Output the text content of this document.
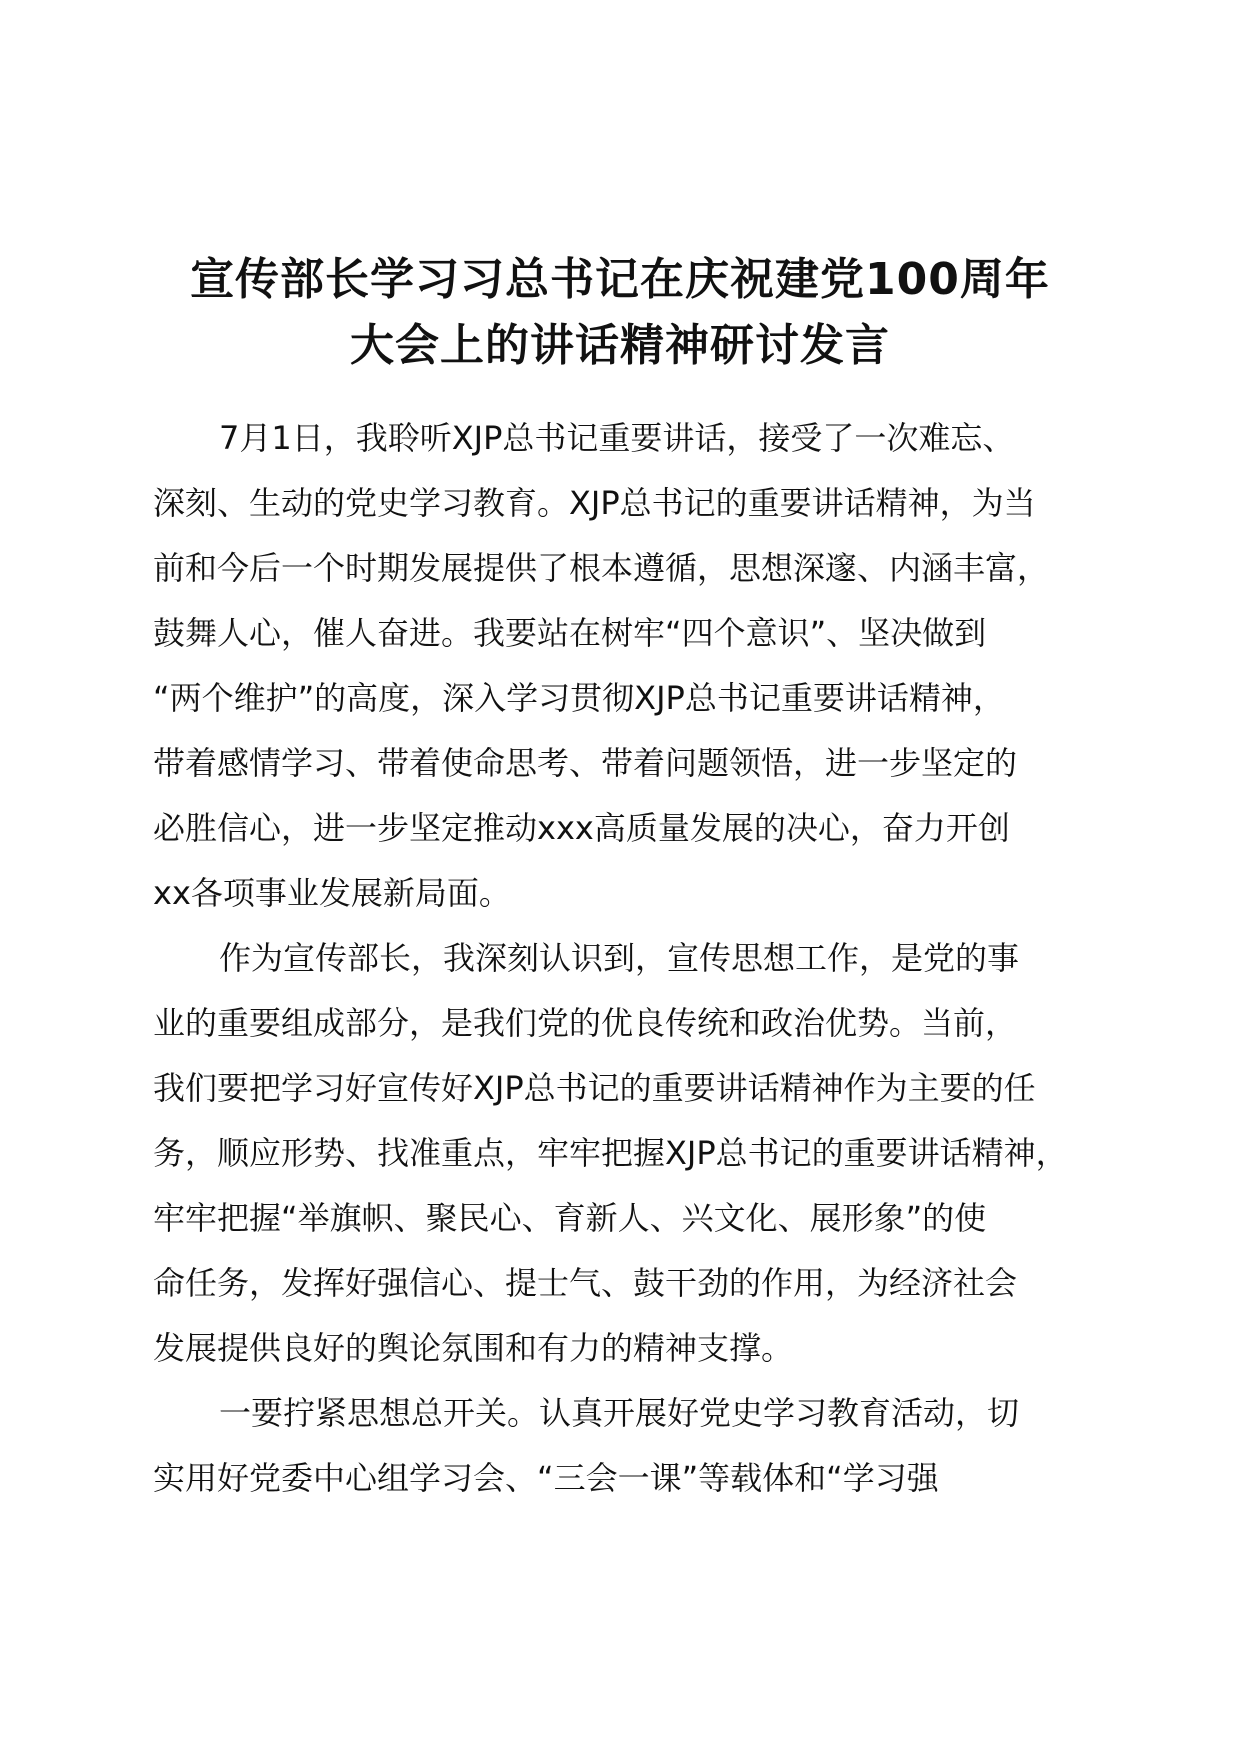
宣传部长学习习总书记在庆祝建党100周年
大会上的讲话精神研讨发言
7月1日，我聆听XJP总书记重要讲话，接受了一次难忘、
深刻、生动的党史学习教育。XJP总书记的重要讲话精神，为当
前和今后一个时期发展提供了根本遵循，思想深邃、内涵丰富，
鼓舞人心，催人奋进。我要站在树牢“四个意识”、坚决做到
“两个维护”的高度，深入学习贯彻XJP总书记重要讲话精神，
带着感情学习、带着使命思考、带着问题领悟，进一步坚定的
必胜信心，进一步坚定推动xxx高质量发展的决心，奋力开创
xx各项事业发展新局面。
作为宣传部长，我深刻认识到，宣传思想工作，是党的事
业的重要组成部分，是我们党的优良传统和政治优势。当前，
我们要把学习好宣传好XJP总书记的重要讲话精神作为主要的任
务，顺应形势、找准重点，牢牢把握XJP总书记的重要讲话精神，
牢牢把握“举旗帜、聚民心、育新人、兴文化、展形象”的使
命任务，发挥好强信心、提士气、鼓干劲的作用，为经济社会
发展提供良好的舆论氛围和有力的精神支撑。
一要拧紧思想总开关。认真开展好党史学习教育活动，切
实用好党委中心组学习会、“三会一课”等载体和“学习强
